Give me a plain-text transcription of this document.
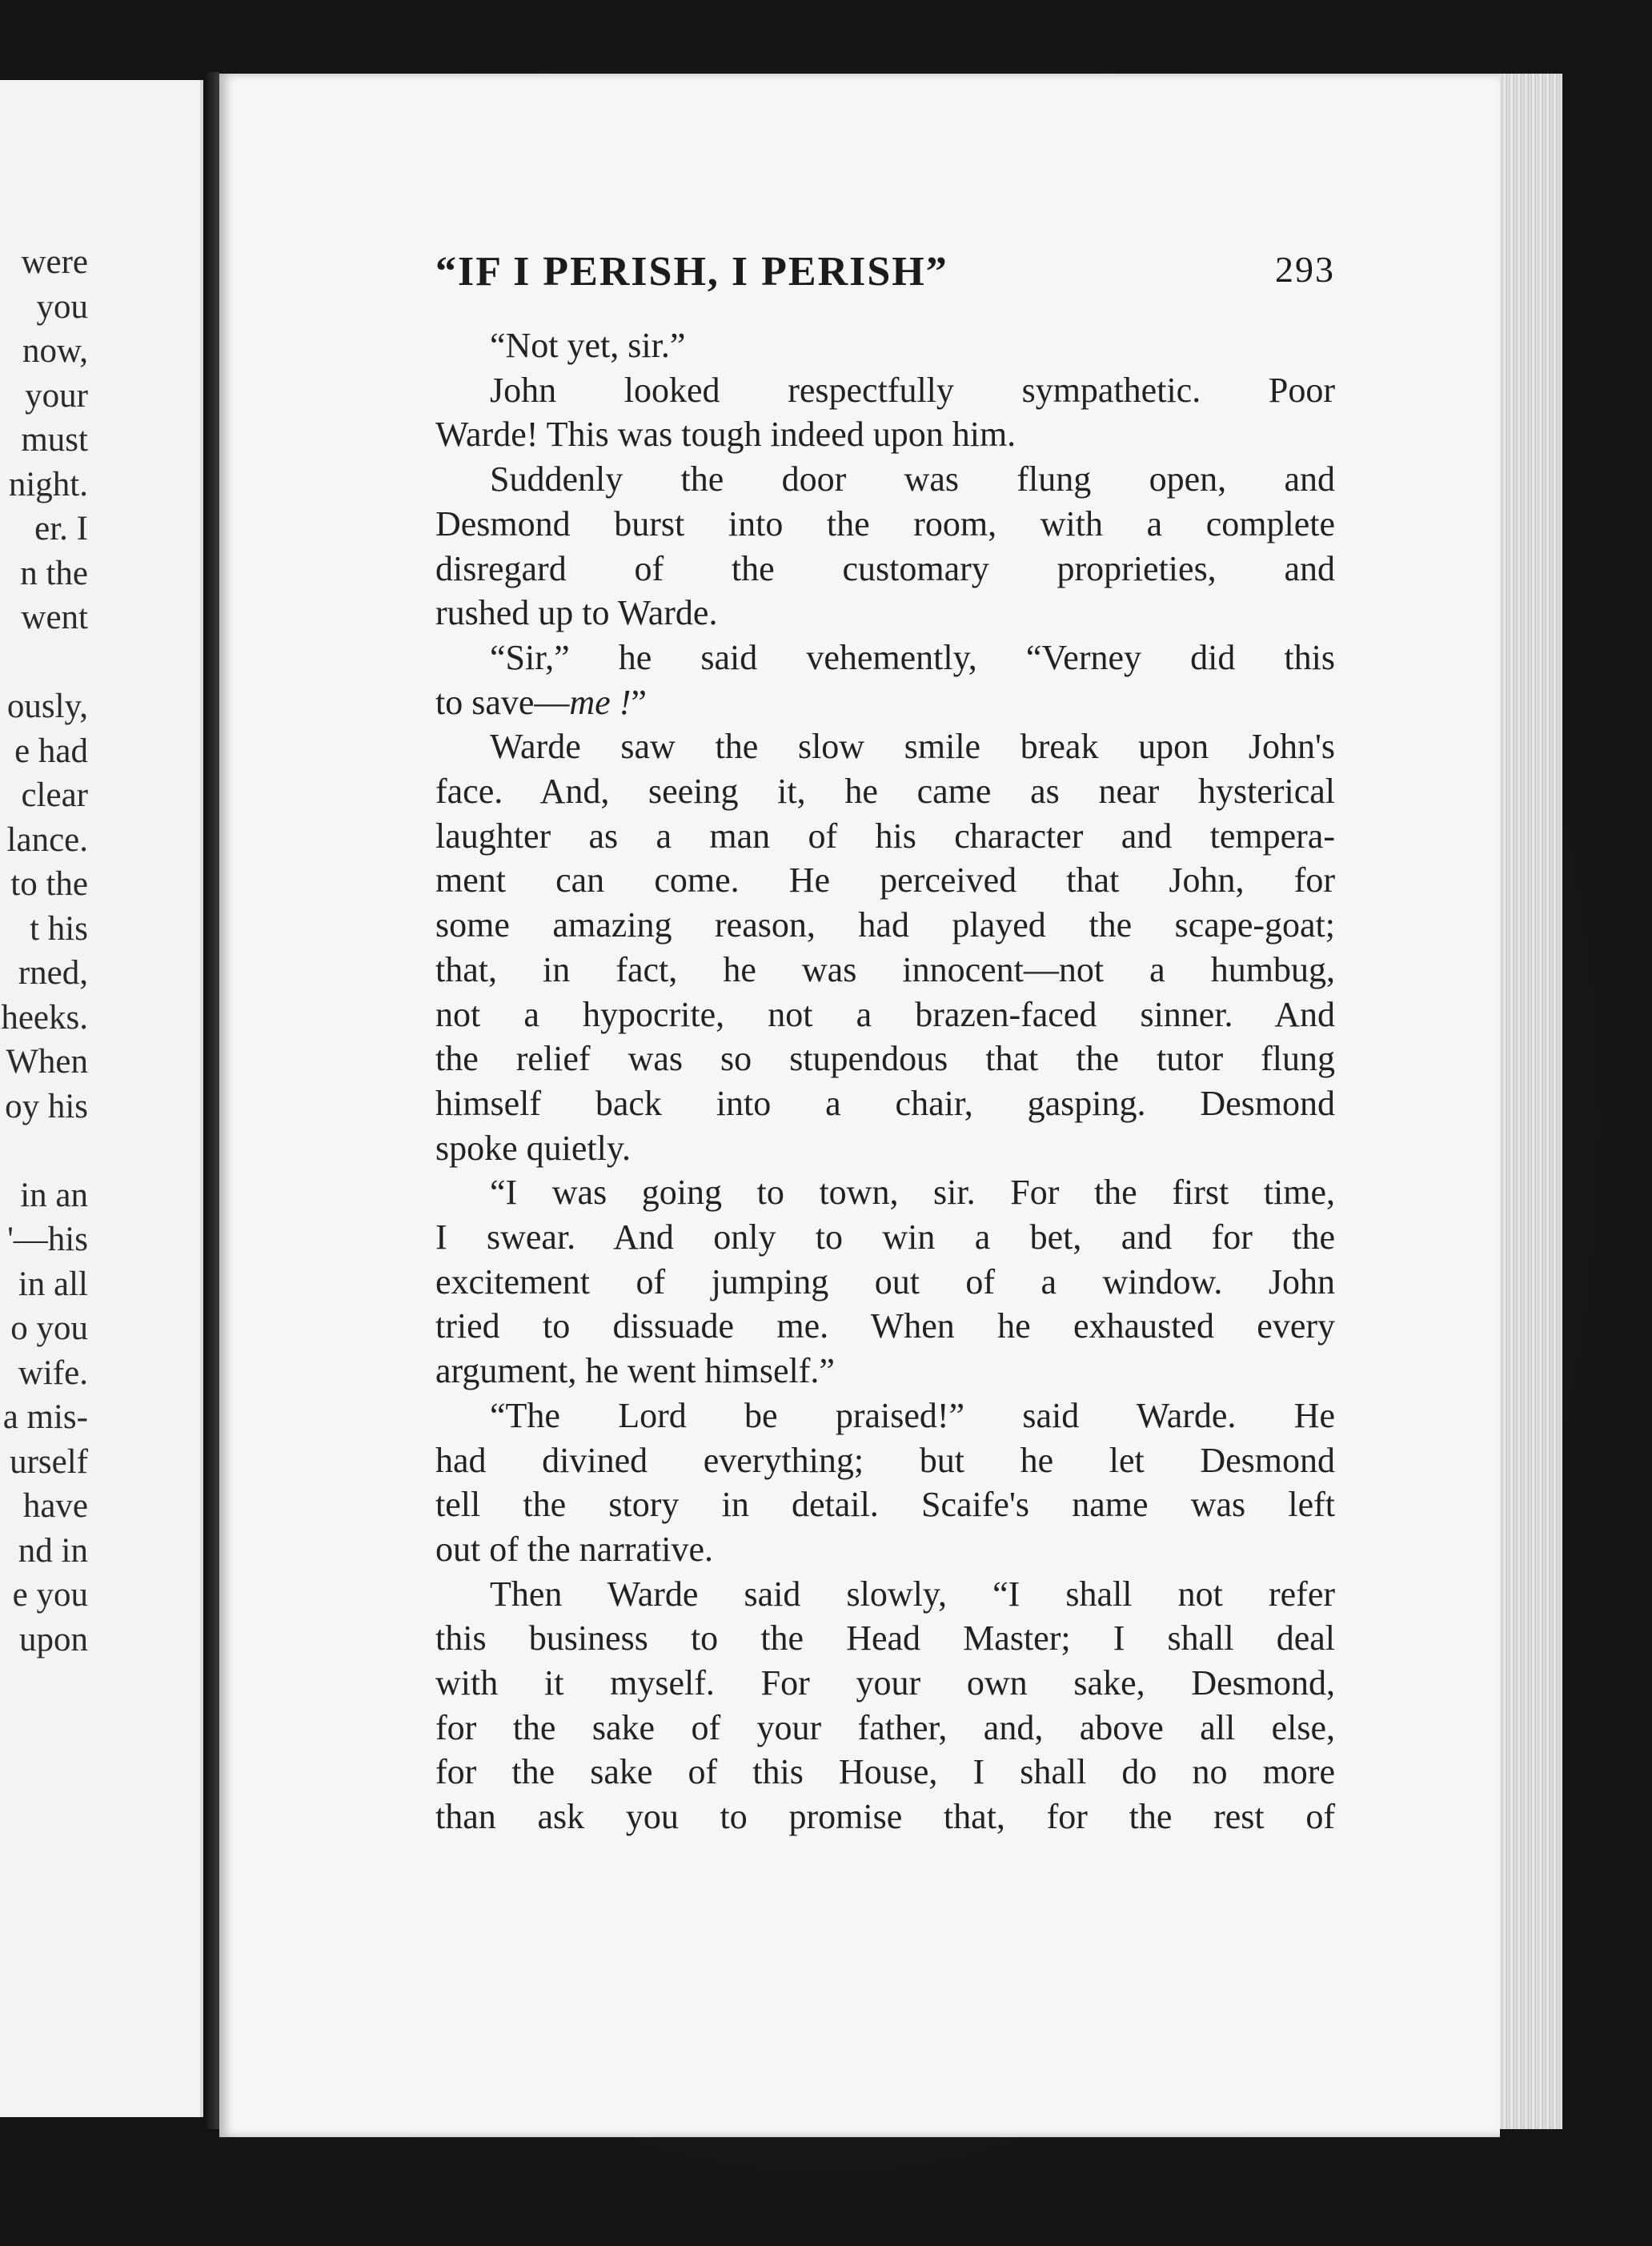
were
you
now,
your
must
night.
er. I
n the
went
ously,
e had
clear
lance.
to the
t his
rned,
heeks.
When
oy his
in an
'—his
in all
o you
wife.
a mis-
urself
have
nd in
e you
upon
“IF I PERISH, I PERISH”	293
“Not yet, sir.”
John looked respectfully sympathetic. Poor
Warde! This was tough indeed upon him.
Suddenly the door was flung open, and
Desmond burst into the room, with a complete
disregard of the customary proprieties, and
rushed up to Warde.
“Sir,” he said vehemently, “Verney did this
to save—me !”
Warde saw the slow smile break upon John's
face. And, seeing it, he came as near hysterical
laughter as a man of his character and tempera-
ment can come. He perceived that John, for
some amazing reason, had played the scape-goat;
that, in fact, he was innocent—not a humbug,
not a hypocrite, not a brazen-faced sinner. And
the relief was so stupendous that the tutor flung
himself back into a chair, gasping. Desmond
spoke quietly.
“I was going to town, sir. For the first time,
I swear. And only to win a bet, and for the
excitement of jumping out of a window. John
tried to dissuade me. When he exhausted every
argument, he went himself.”
“The Lord be praised!” said Warde. He
had divined everything; but he let Desmond
tell the story in detail. Scaife's name was left
out of the narrative.
Then Warde said slowly, “I shall not refer
this business to the Head Master; I shall deal
with it myself. For your own sake, Desmond,
for the sake of your father, and, above all else,
for the sake of this House, I shall do no more
than ask you to promise that, for the rest of
